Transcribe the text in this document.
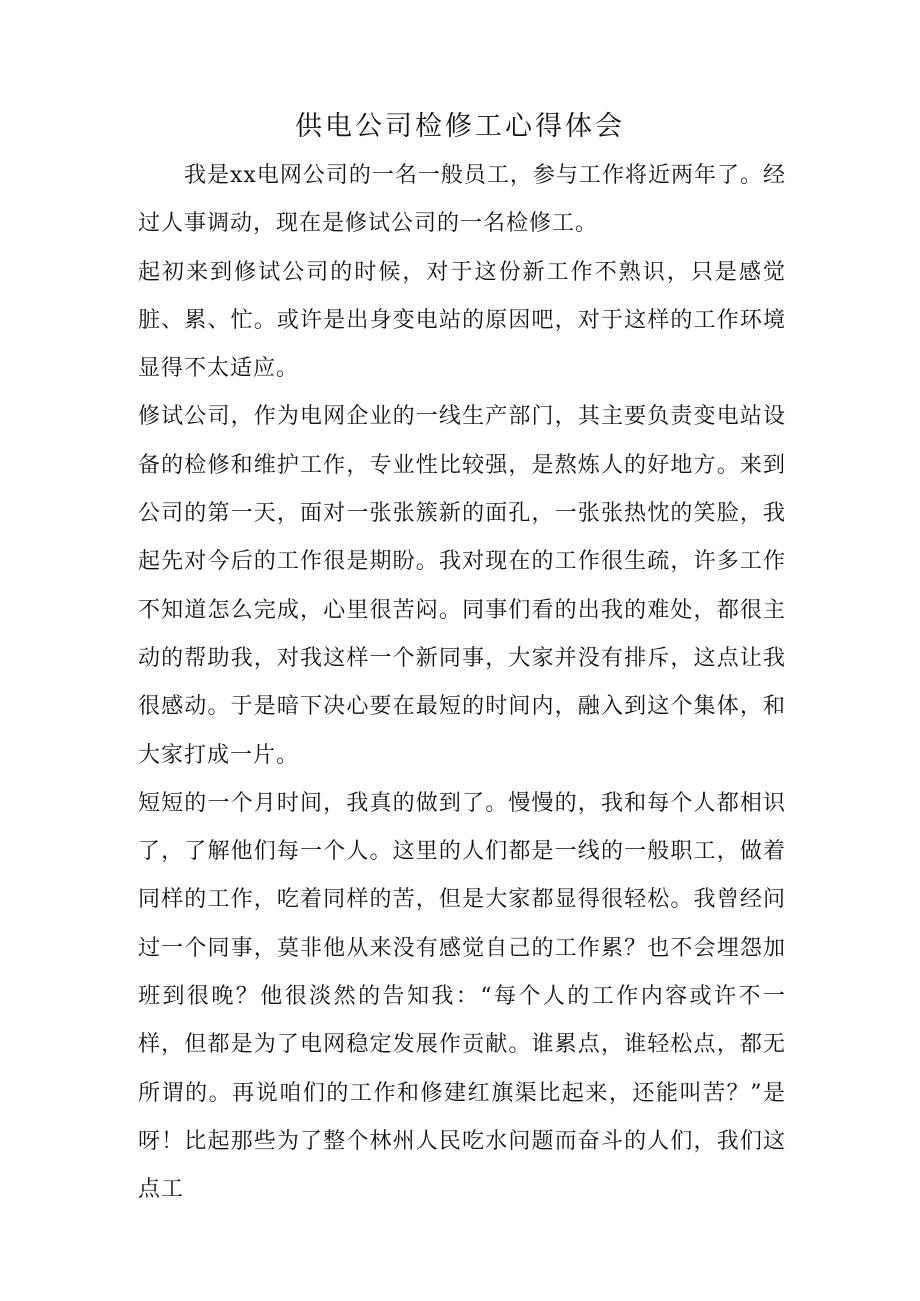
供电公司检修工心得体会

我是xx电网公司的一名一般员工，参与工作将近两年了。经过人事调动，现在是修试公司的一名检修工。

起初来到修试公司的时候，对于这份新工作不熟识，只是感觉脏、累、忙。或许是出身变电站的原因吧，对于这样的工作环境显得不太适应。

修试公司，作为电网企业的一线生产部门，其主要负责变电站设备的检修和维护工作，专业性比较强，是熬炼人的好地方。来到公司的第一天，面对一张张簇新的面孔，一张张热忱的笑脸，我起先对今后的工作很是期盼。我对现在的工作很生疏，许多工作不知道怎么完成，心里很苦闷。同事们看的出我的难处，都很主动的帮助我，对我这样一个新同事，大家并没有排斥，这点让我很感动。于是暗下决心要在最短的时间内，融入到这个集体，和大家打成一片。

短短的一个月时间，我真的做到了。慢慢的，我和每个人都相识了，了解他们每一个人。这里的人们都是一线的一般职工，做着同样的工作，吃着同样的苦，但是大家都显得很轻松。我曾经问过一个同事，莫非他从来没有感觉自己的工作累？也不会埋怨加班到很晚？他很淡然的告知我：“每个人的工作内容或许不一样，但都是为了电网稳定发展作贡献。谁累点，谁轻松点，都无所谓的。再说咱们的工作和修建红旗渠比起来，还能叫苦？”是呀！比起那些为了整个林州人民吃水问题而奋斗的人们，我们这点工
